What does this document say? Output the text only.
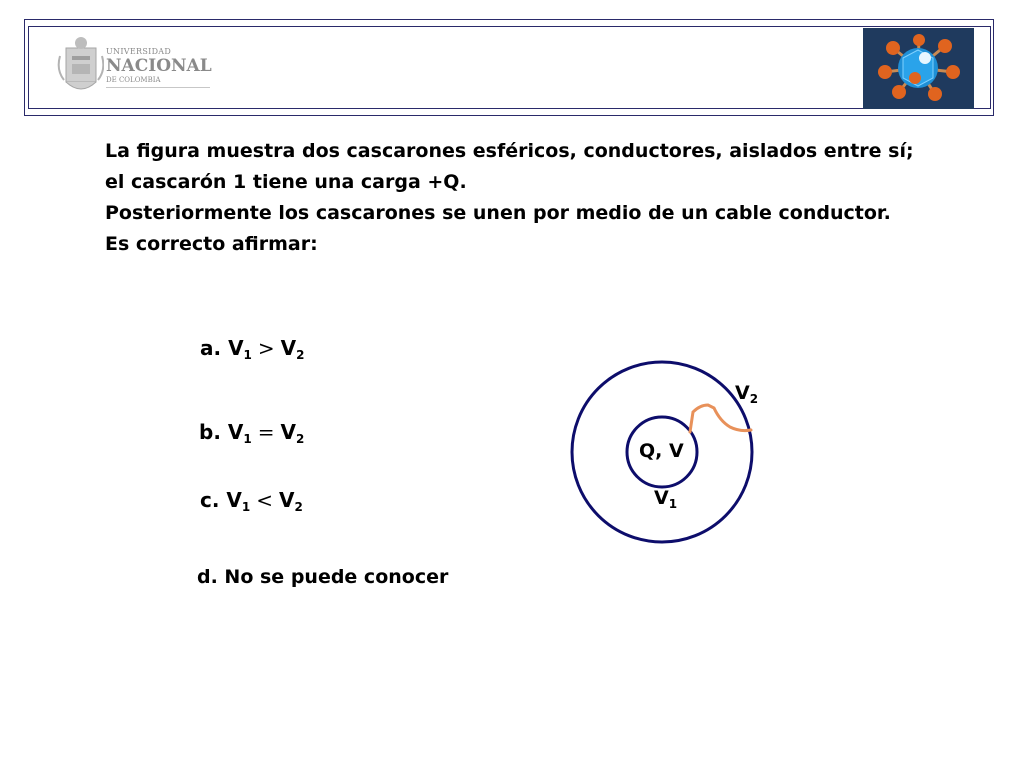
UNIVERSIDAD
NACIONAL
DE COLOMBIA
La figura muestra dos cascarones esféricos, conductores, aislados entre sí;
el cascarón 1 tiene una carga +Q.
Posteriormente los cascarones se unen por medio de un cable conductor.
Es correcto afirmar:
a. $V_1 > V_2$
b. $V_1 = V_2$
c. $V_1 < V_2$
d. No se puede conocer
Q, V
$V_1$
$V_2$
